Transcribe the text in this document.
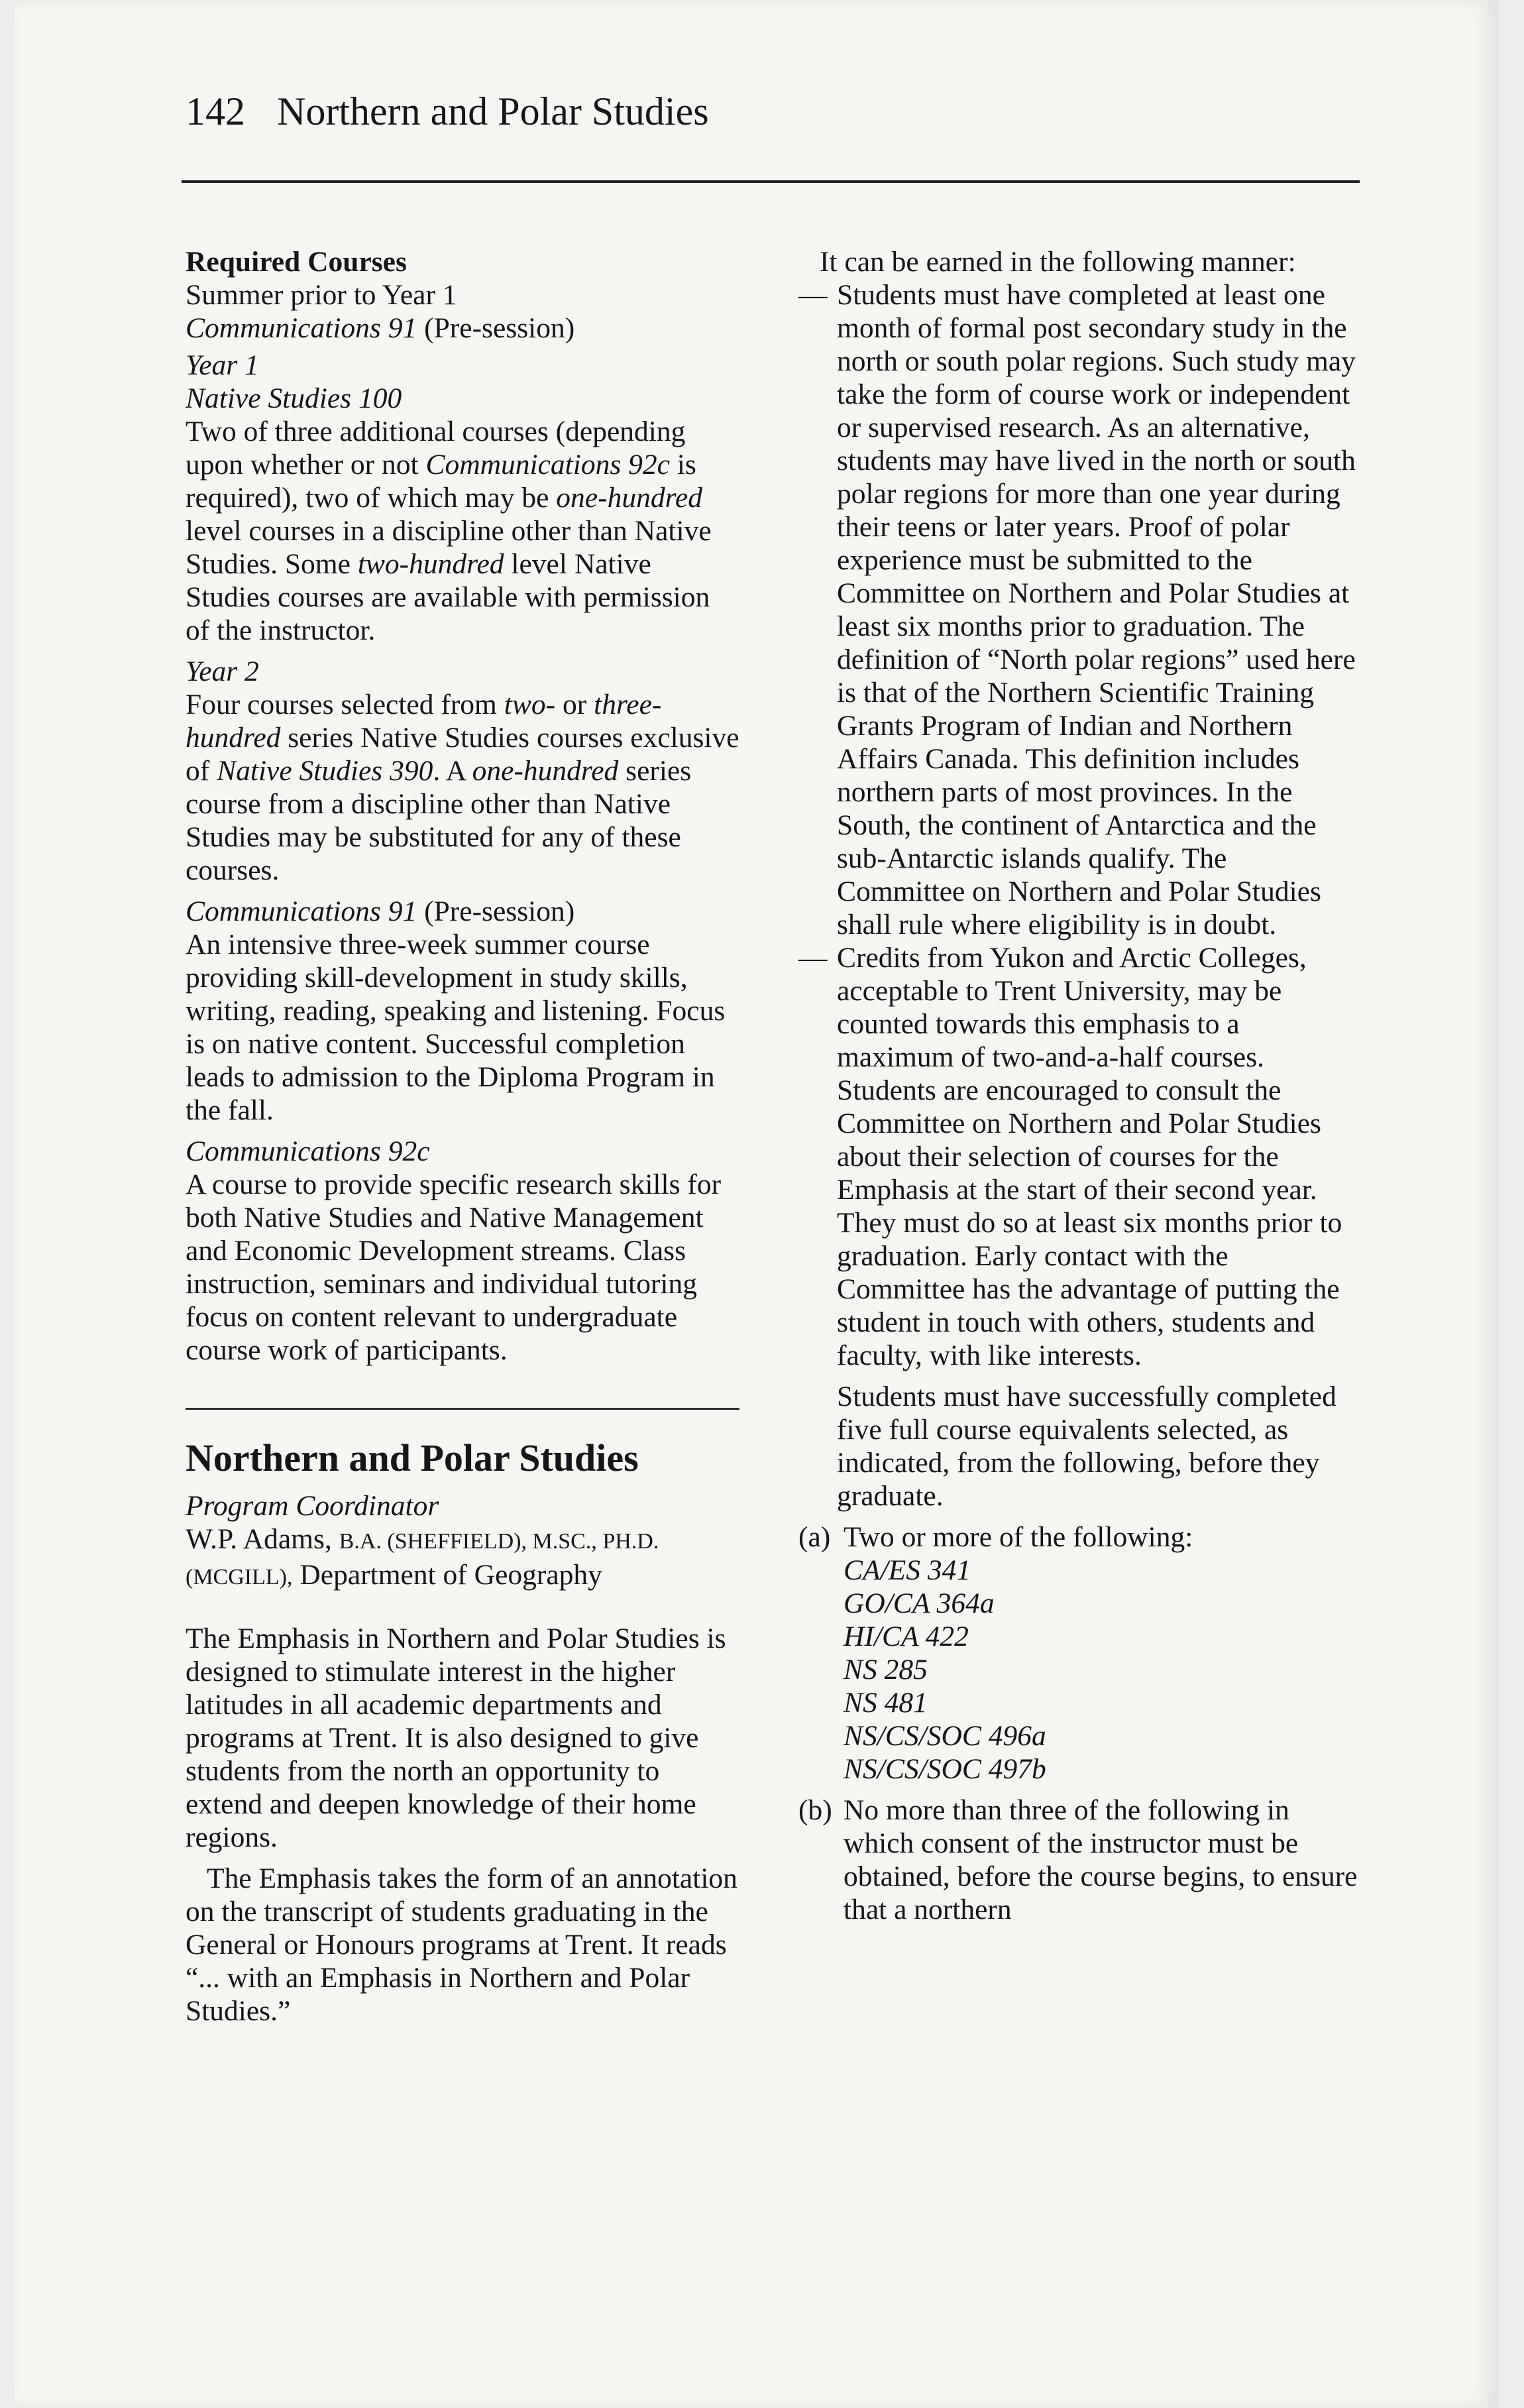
142 Northern and Polar Studies

Required Courses

Summer prior to Year 1

Communications 91 (Pre-session)

Year 1

Native Studies 100

Two of three additional courses (depending upon whether or not Communications 92c is required), two of which may be one-hundred level courses in a discipline other than Native Studies. Some two-hundred level Native Studies courses are available with permission of the instructor.

Year 2

Four courses selected from two- or three-hundred series Native Studies courses exclusive of Native Studies 390. A one-hundred series course from a discipline other than Native Studies may be substituted for any of these courses.

Communications 91 (Pre-session)

An intensive three-week summer course providing skill-development in study skills, writing, reading, speaking and listening. Focus is on native content. Successful completion leads to admission to the Diploma Program in the fall.

Communications 92c

A course to provide specific research skills for both Native Studies and Native Management and Economic Development streams. Class instruction, seminars and individual tutoring focus on content relevant to undergraduate course work of participants.

Northern and Polar Studies

Program Coordinator

W.P. Adams, B.A. (SHEFFIELD), M.SC., PH.D. (MCGILL), Department of Geography

The Emphasis in Northern and Polar Studies is designed to stimulate interest in the higher latitudes in all academic departments and programs at Trent. It is also designed to give students from the north an opportunity to extend and deepen knowledge of their home regions.

The Emphasis takes the form of an annotation on the transcript of students graduating in the General or Honours programs at Trent. It reads “... with an Emphasis in Northern and Polar Studies.”

It can be earned in the following manner:

— Students must have completed at least one month of formal post secondary study in the north or south polar regions. Such study may take the form of course work or independent or supervised research. As an alternative, students may have lived in the north or south polar regions for more than one year during their teens or later years. Proof of polar experience must be submitted to the Committee on Northern and Polar Studies at least six months prior to graduation. The definition of “North polar regions” used here is that of the Northern Scientific Training Grants Program of Indian and Northern Affairs Canada. This definition includes northern parts of most provinces. In the South, the continent of Antarctica and the sub-Antarctic islands qualify. The Committee on Northern and Polar Studies shall rule where eligibility is in doubt.
— Credits from Yukon and Arctic Colleges, acceptable to Trent University, may be counted towards this emphasis to a maximum of two-and-a-half courses. Students are encouraged to consult the Committee on Northern and Polar Studies about their selection of courses for the Emphasis at the start of their second year. They must do so at least six months prior to graduation. Early contact with the Committee has the advantage of putting the student in touch with others, students and faculty, with like interests.

Students must have successfully completed five full course equivalents selected, as indicated, from the following, before they graduate.

(a) Two or more of the following:
CA/ES 341
GO/CA 364a
HI/CA 422
NS 285
NS 481
NS/CS/SOC 496a
NS/CS/SOC 497b
(b) No more than three of the following in which consent of the instructor must be obtained, before the course begins, to ensure that a northern
